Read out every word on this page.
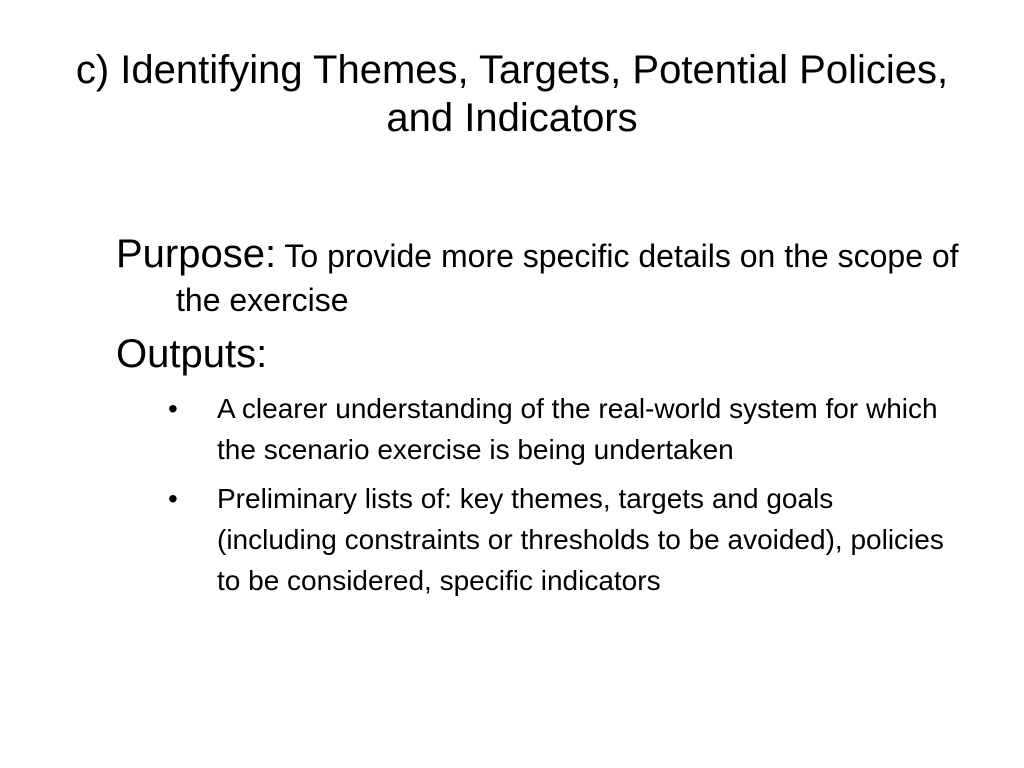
c) Identifying Themes, Targets, Potential Policies, and Indicators

Purpose: To provide more specific details on the scope of the exercise

Outputs:
• A clearer understanding of the real-world system for which the scenario exercise is being undertaken
• Preliminary lists of: key themes, targets and goals (including constraints or thresholds to be avoided), policies to be considered, specific indicators
